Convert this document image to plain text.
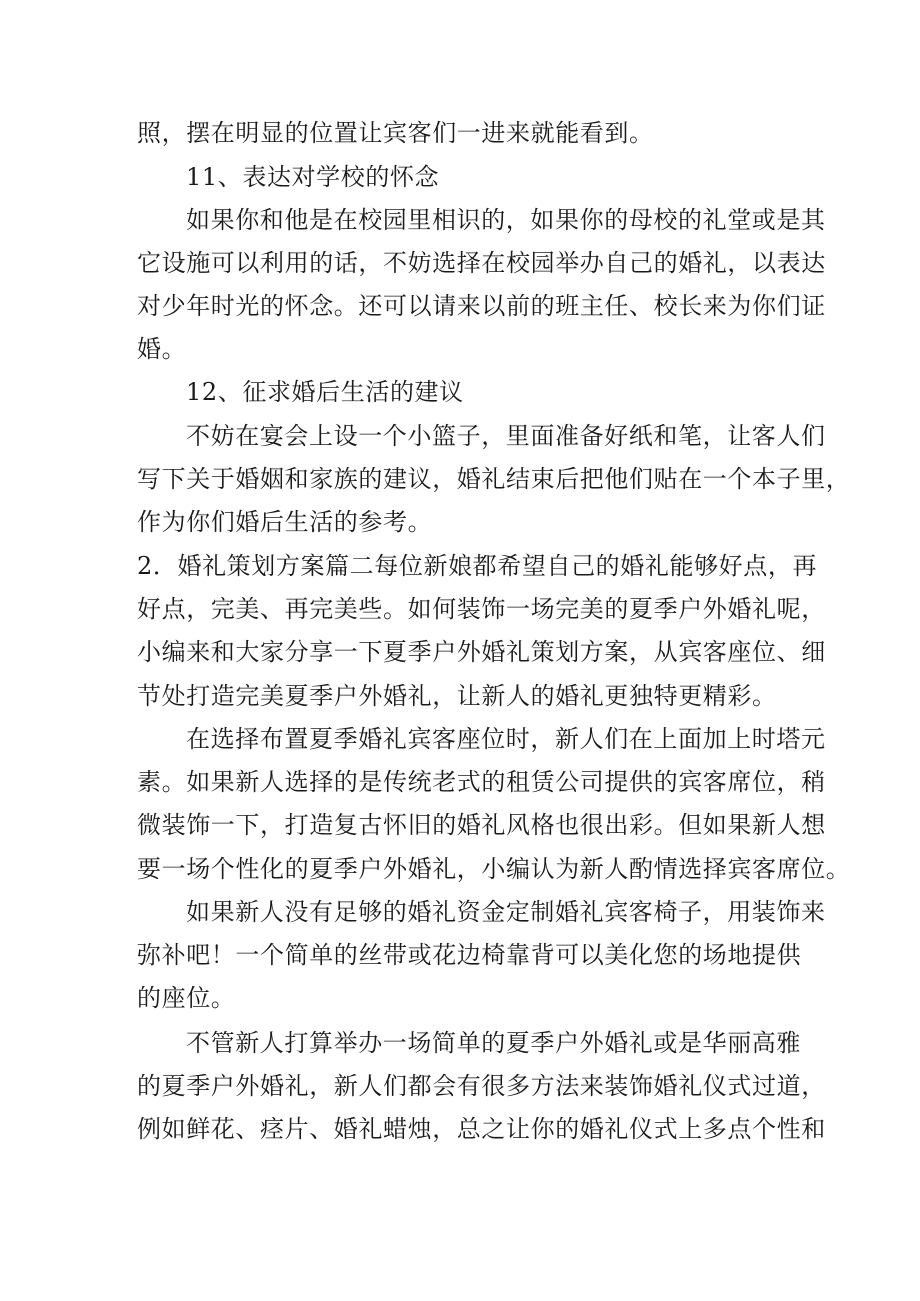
照，摆在明显的位置让宾客们一进来就能看到。
11、表达对学校的怀念
如果你和他是在校园里相识的，如果你的母校的礼堂或是其
它设施可以利用的话，不妨选择在校园举办自己的婚礼，以表达
对少年时光的怀念。还可以请来以前的班主任、校长来为你们证
婚。
12、征求婚后生活的建议
不妨在宴会上设一个小篮子，里面准备好纸和笔，让客人们
写下关于婚姻和家族的建议，婚礼结束后把他们贴在一个本子里，
作为你们婚后生活的参考。
2．婚礼策划方案篇二每位新娘都希望自己的婚礼能够好点，再
好点，完美、再完美些。如何装饰一场完美的夏季户外婚礼呢，
小编来和大家分享一下夏季户外婚礼策划方案，从宾客座位、细
节处打造完美夏季户外婚礼，让新人的婚礼更独特更精彩。
在选择布置夏季婚礼宾客座位时，新人们在上面加上时塔元
素。如果新人选择的是传统老式的租赁公司提供的宾客席位，稍
微装饰一下，打造复古怀旧的婚礼风格也很出彩。但如果新人想
要一场个性化的夏季户外婚礼，小编认为新人酌情选择宾客席位。
如果新人没有足够的婚礼资金定制婚礼宾客椅子，用装饰来
弥补吧！一个简单的丝带或花边椅靠背可以美化您的场地提供
的座位。
不管新人打算举办一场简单的夏季户外婚礼或是华丽高雅
的夏季户外婚礼，新人们都会有很多方法来装饰婚礼仪式过道，
例如鲜花、痉片、婚礼蜡烛，总之让你的婚礼仪式上多点个性和
